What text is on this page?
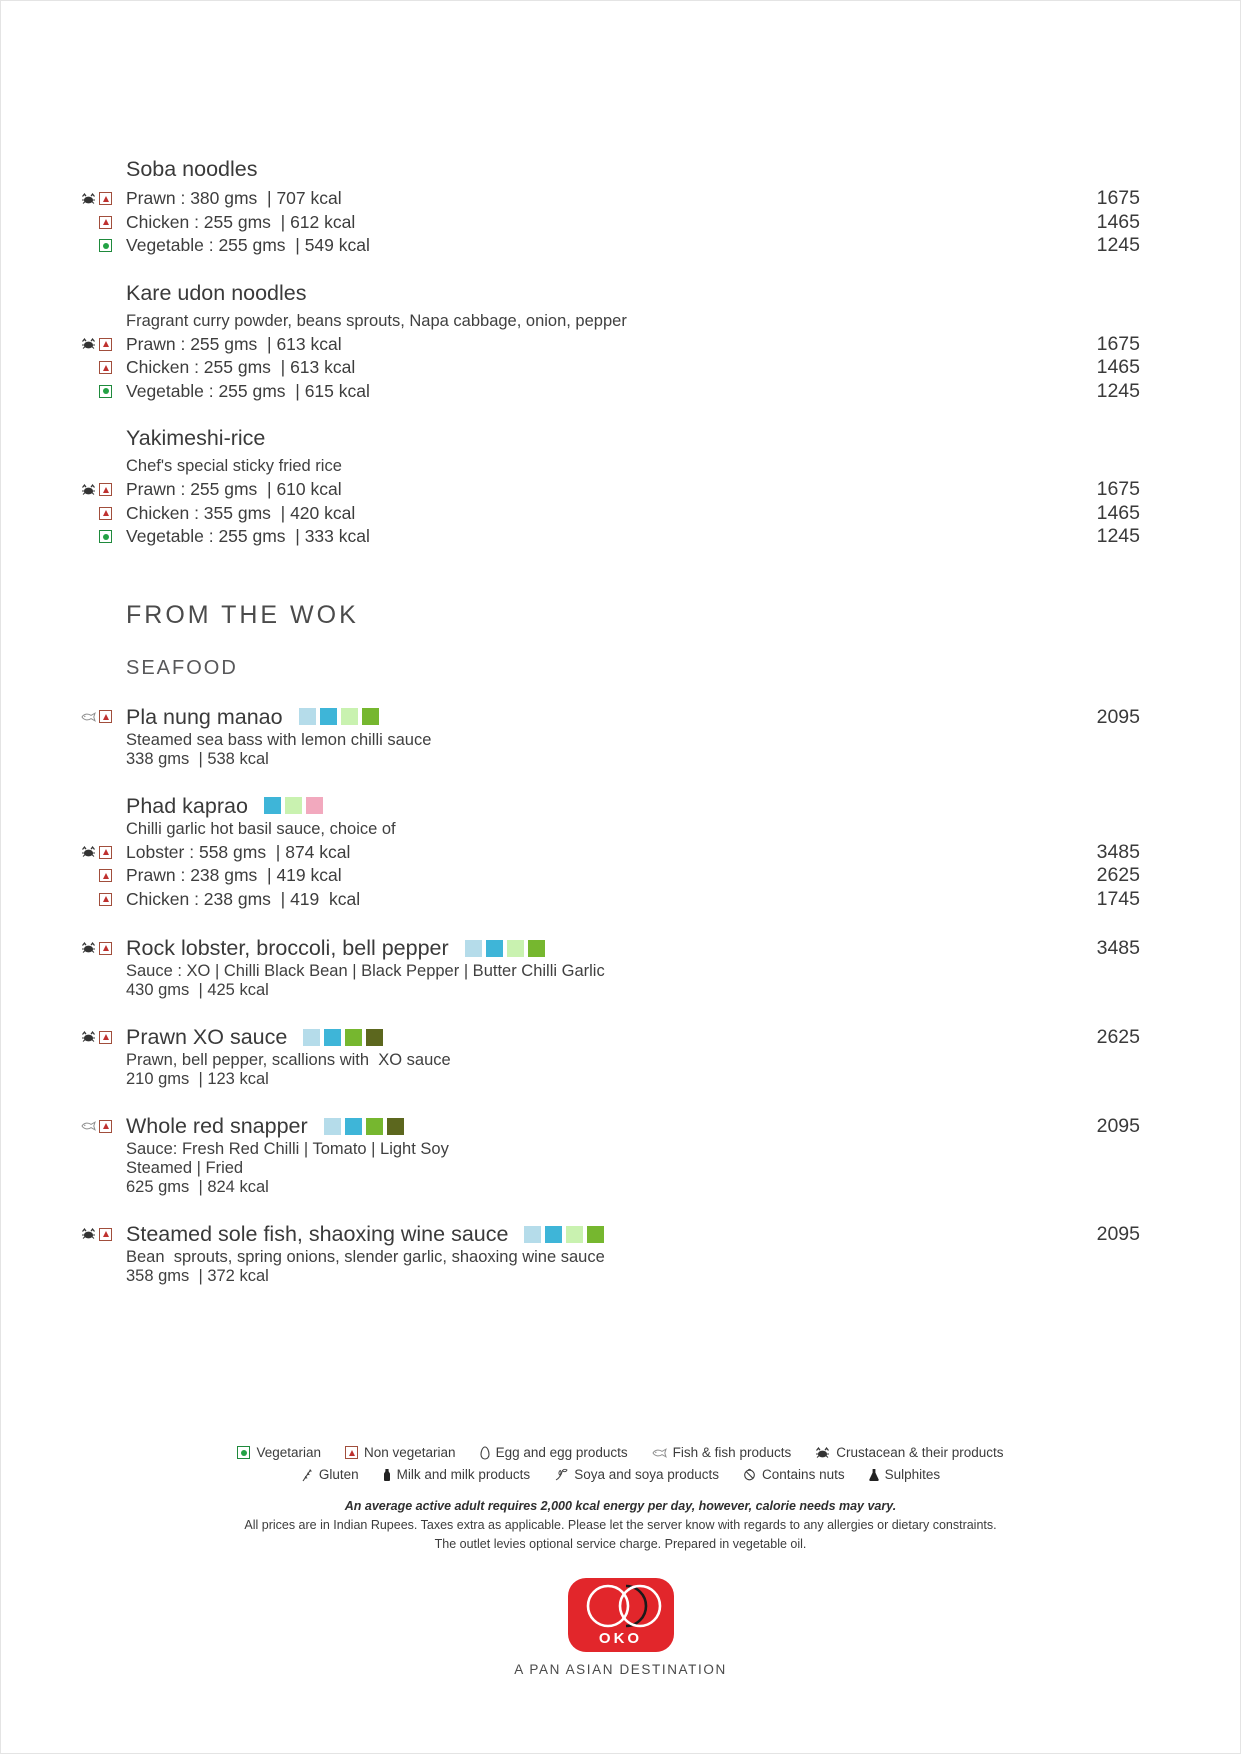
Soba noodles
Prawn : 380 gms  | 707 kcal	1675
Chicken : 255 gms  | 612 kcal	1465
Vegetable : 255 gms  | 549 kcal	1245
Kare udon noodles
Fragrant curry powder, beans sprouts, Napa cabbage, onion, pepper
Prawn : 255 gms  | 613 kcal	1675
Chicken : 255 gms  | 613 kcal	1465
Vegetable : 255 gms  | 615 kcal	1245
Yakimeshi-rice
Chef's special sticky fried rice
Prawn : 255 gms  | 610 kcal	1675
Chicken : 355 gms  | 420 kcal	1465
Vegetable : 255 gms  | 333 kcal	1245
FROM THE WOK
SEAFOOD
Pla nung manao	2095
Steamed sea bass with lemon chilli sauce
338 gms  | 538 kcal
Phad kaprao
Chilli garlic hot basil sauce, choice of
Lobster : 558 gms  | 874 kcal	3485
Prawn : 238 gms  | 419 kcal	2625
Chicken : 238 gms  | 419  kcal	1745
Rock lobster, broccoli, bell pepper	3485
Sauce : XO | Chilli Black Bean | Black Pepper | Butter Chilli Garlic
430 gms  | 425 kcal
Prawn XO sauce	2625
Prawn, bell pepper, scallions with  XO sauce
210 gms  | 123 kcal
Whole red snapper	2095
Sauce: Fresh Red Chilli | Tomato | Light Soy
Steamed | Fried
625 gms  | 824 kcal
Steamed sole fish, shaoxing wine sauce	2095
Bean  sprouts, spring onions, slender garlic, shaoxing wine sauce
358 gms  | 372 kcal
Vegetarian	Non vegetarian	Egg and egg products	Fish & fish products	Crustacean & their products
Gluten	Milk and milk products	Soya and soya products	Contains nuts	Sulphites
An average active adult requires 2,000 kcal energy per day, however, calorie needs may vary.
All prices are in Indian Rupees. Taxes extra as applicable. Please let the server know with regards to any allergies or dietary constraints.
The outlet levies optional service charge. Prepared in vegetable oil.
OKO
A PAN ASIAN DESTINATION
